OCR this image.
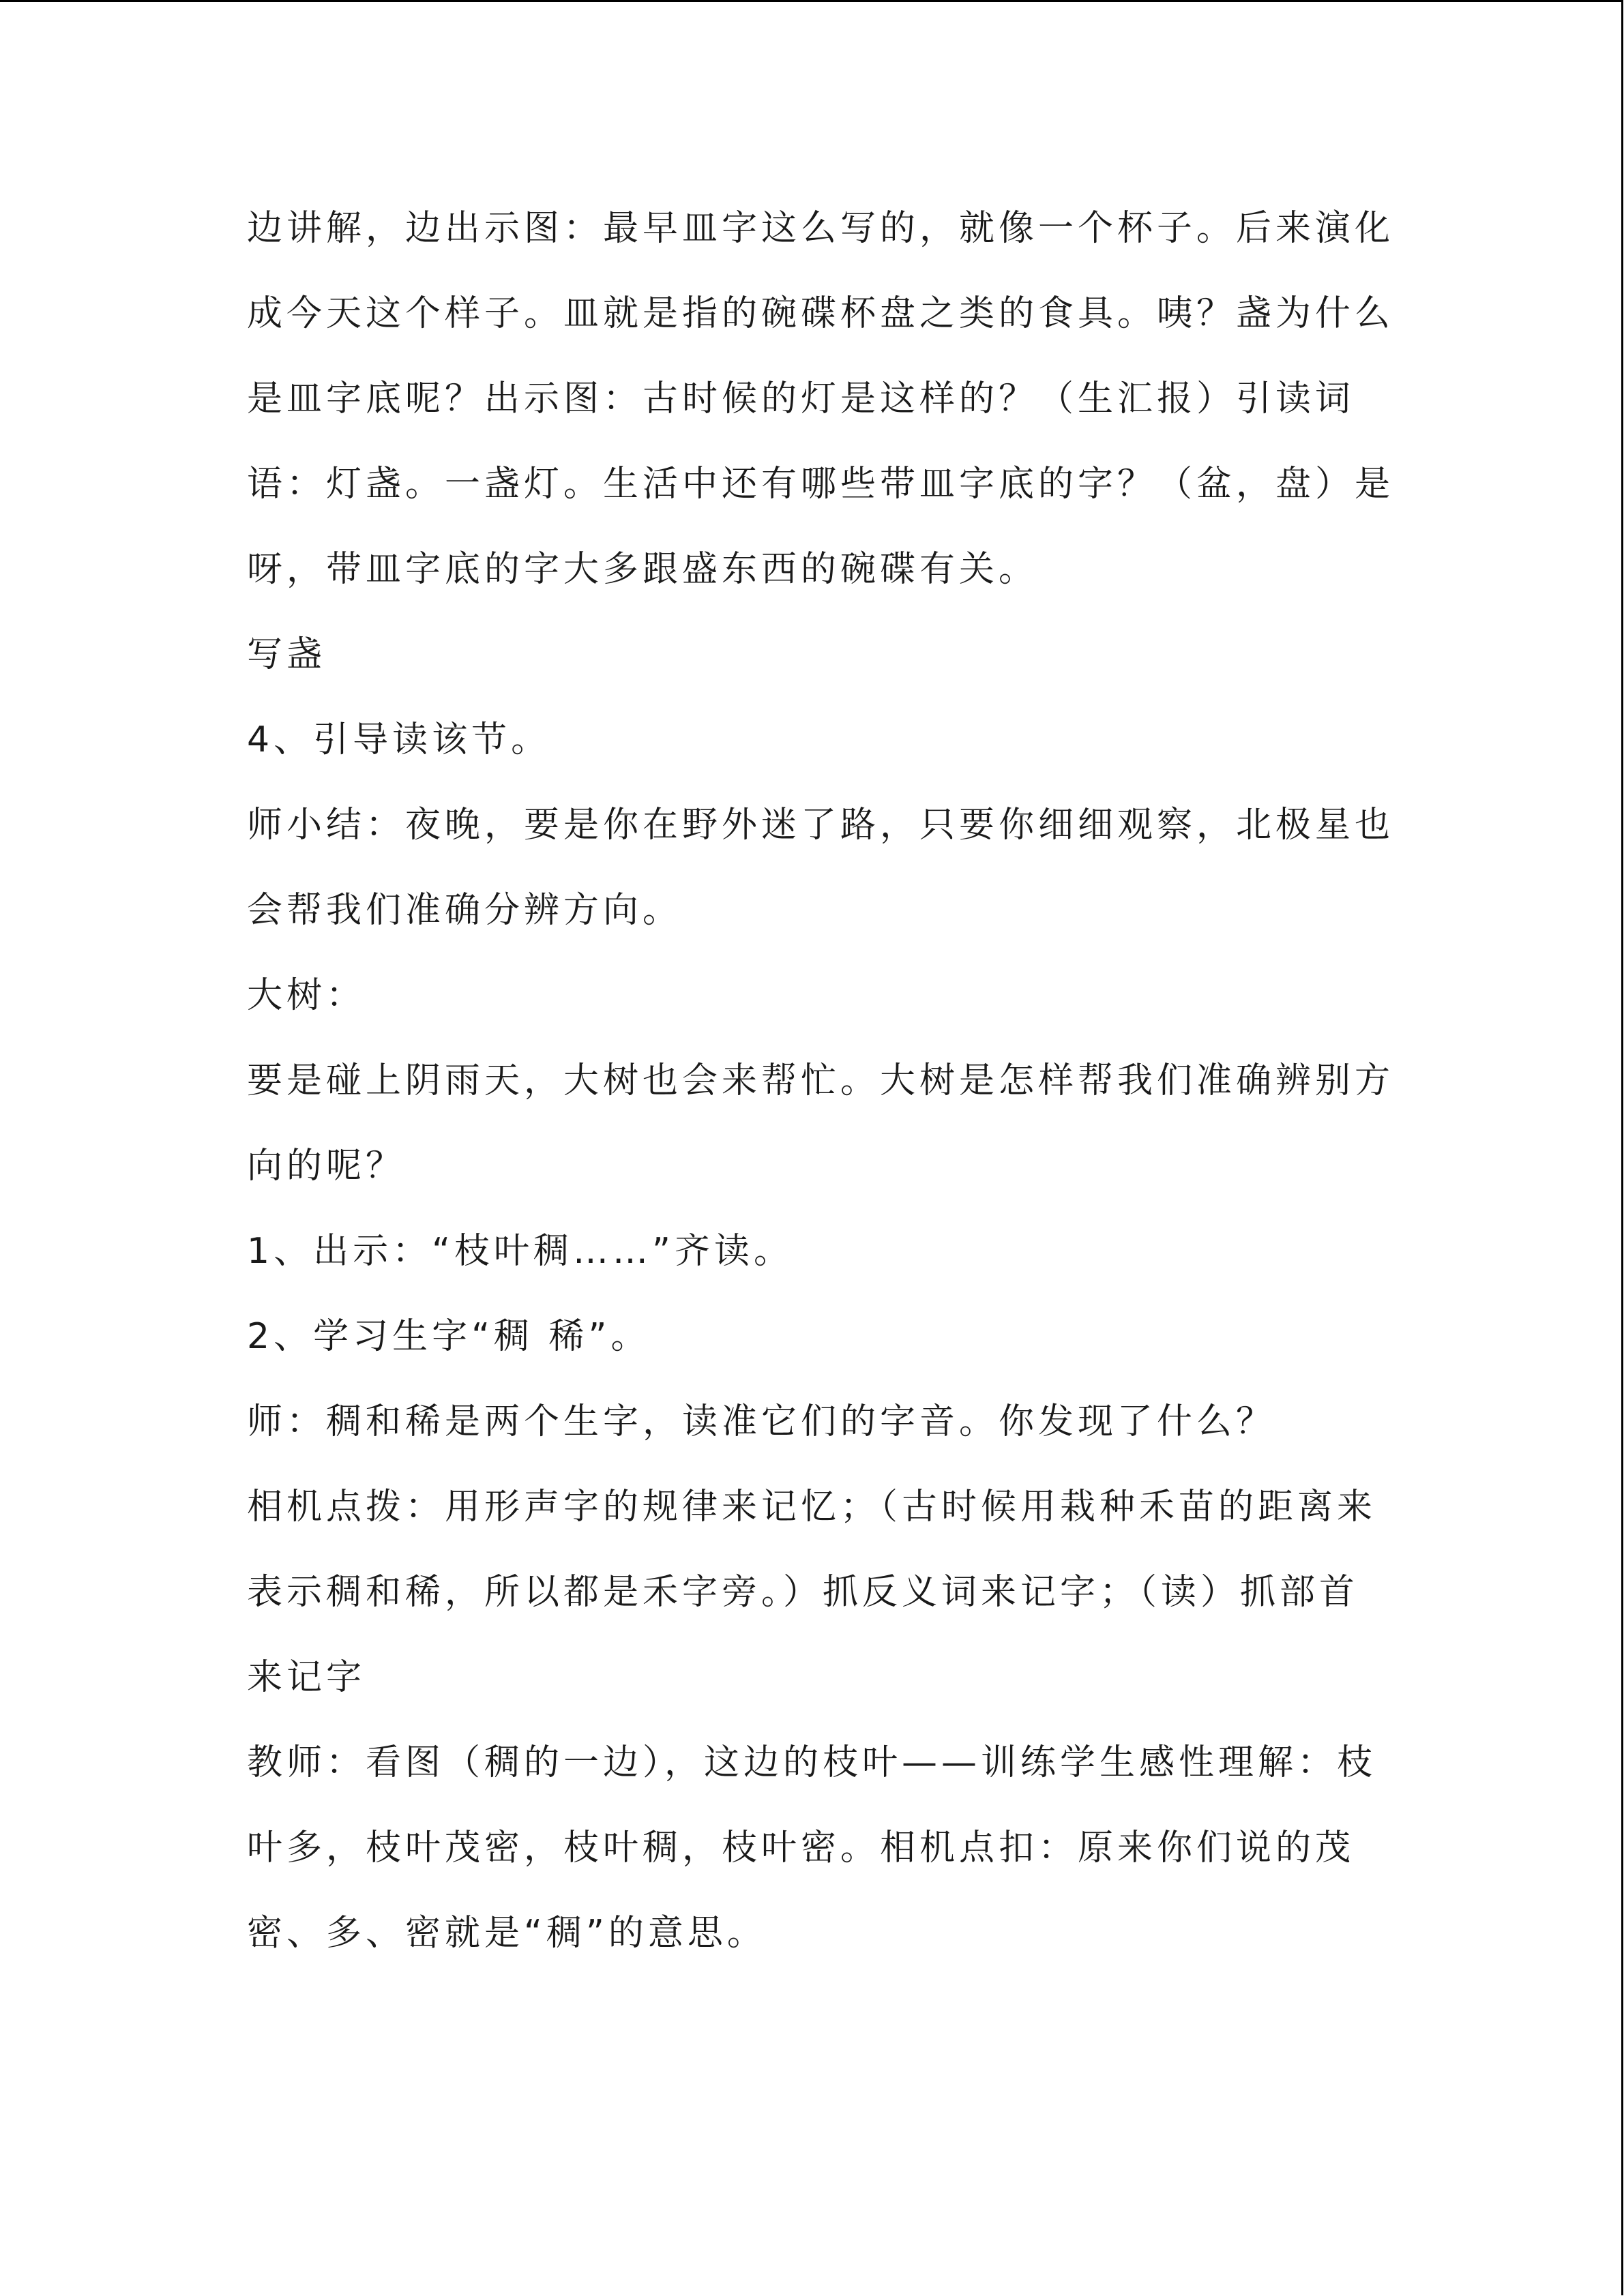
边讲解，边出示图：最早皿字这么写的，就像一个杯子。后来演化
成今天这个样子。皿就是指的碗碟杯盘之类的食具。咦？盏为什么
是皿字底呢？出示图：古时候的灯是这样的？（生汇报）引读词
语：灯盏。一盏灯。生活中还有哪些带皿字底的字？（盆，盘）是
呀，带皿字底的字大多跟盛东西的碗碟有关。
写盏
4、引导读该节。
师小结：夜晚，要是你在野外迷了路，只要你细细观察，北极星也
会帮我们准确分辨方向。
大树：
要是碰上阴雨天，大树也会来帮忙。大树是怎样帮我们准确辨别方
向的呢？
1、出示：“枝叶稠……”齐读。
2、学习生字“稠 稀”。
师：稠和稀是两个生字，读准它们的字音。你发现了什么？
相机点拨：用形声字的规律来记忆；（古时候用栽种禾苗的距离来
表示稠和稀，所以都是禾字旁。）抓反义词来记字；（读）抓部首
来记字
教师：看图（稠的一边），这边的枝叶——训练学生感性理解：枝
叶多，枝叶茂密，枝叶稠，枝叶密。相机点扣：原来你们说的茂
密、多、密就是“稠”的意思。
